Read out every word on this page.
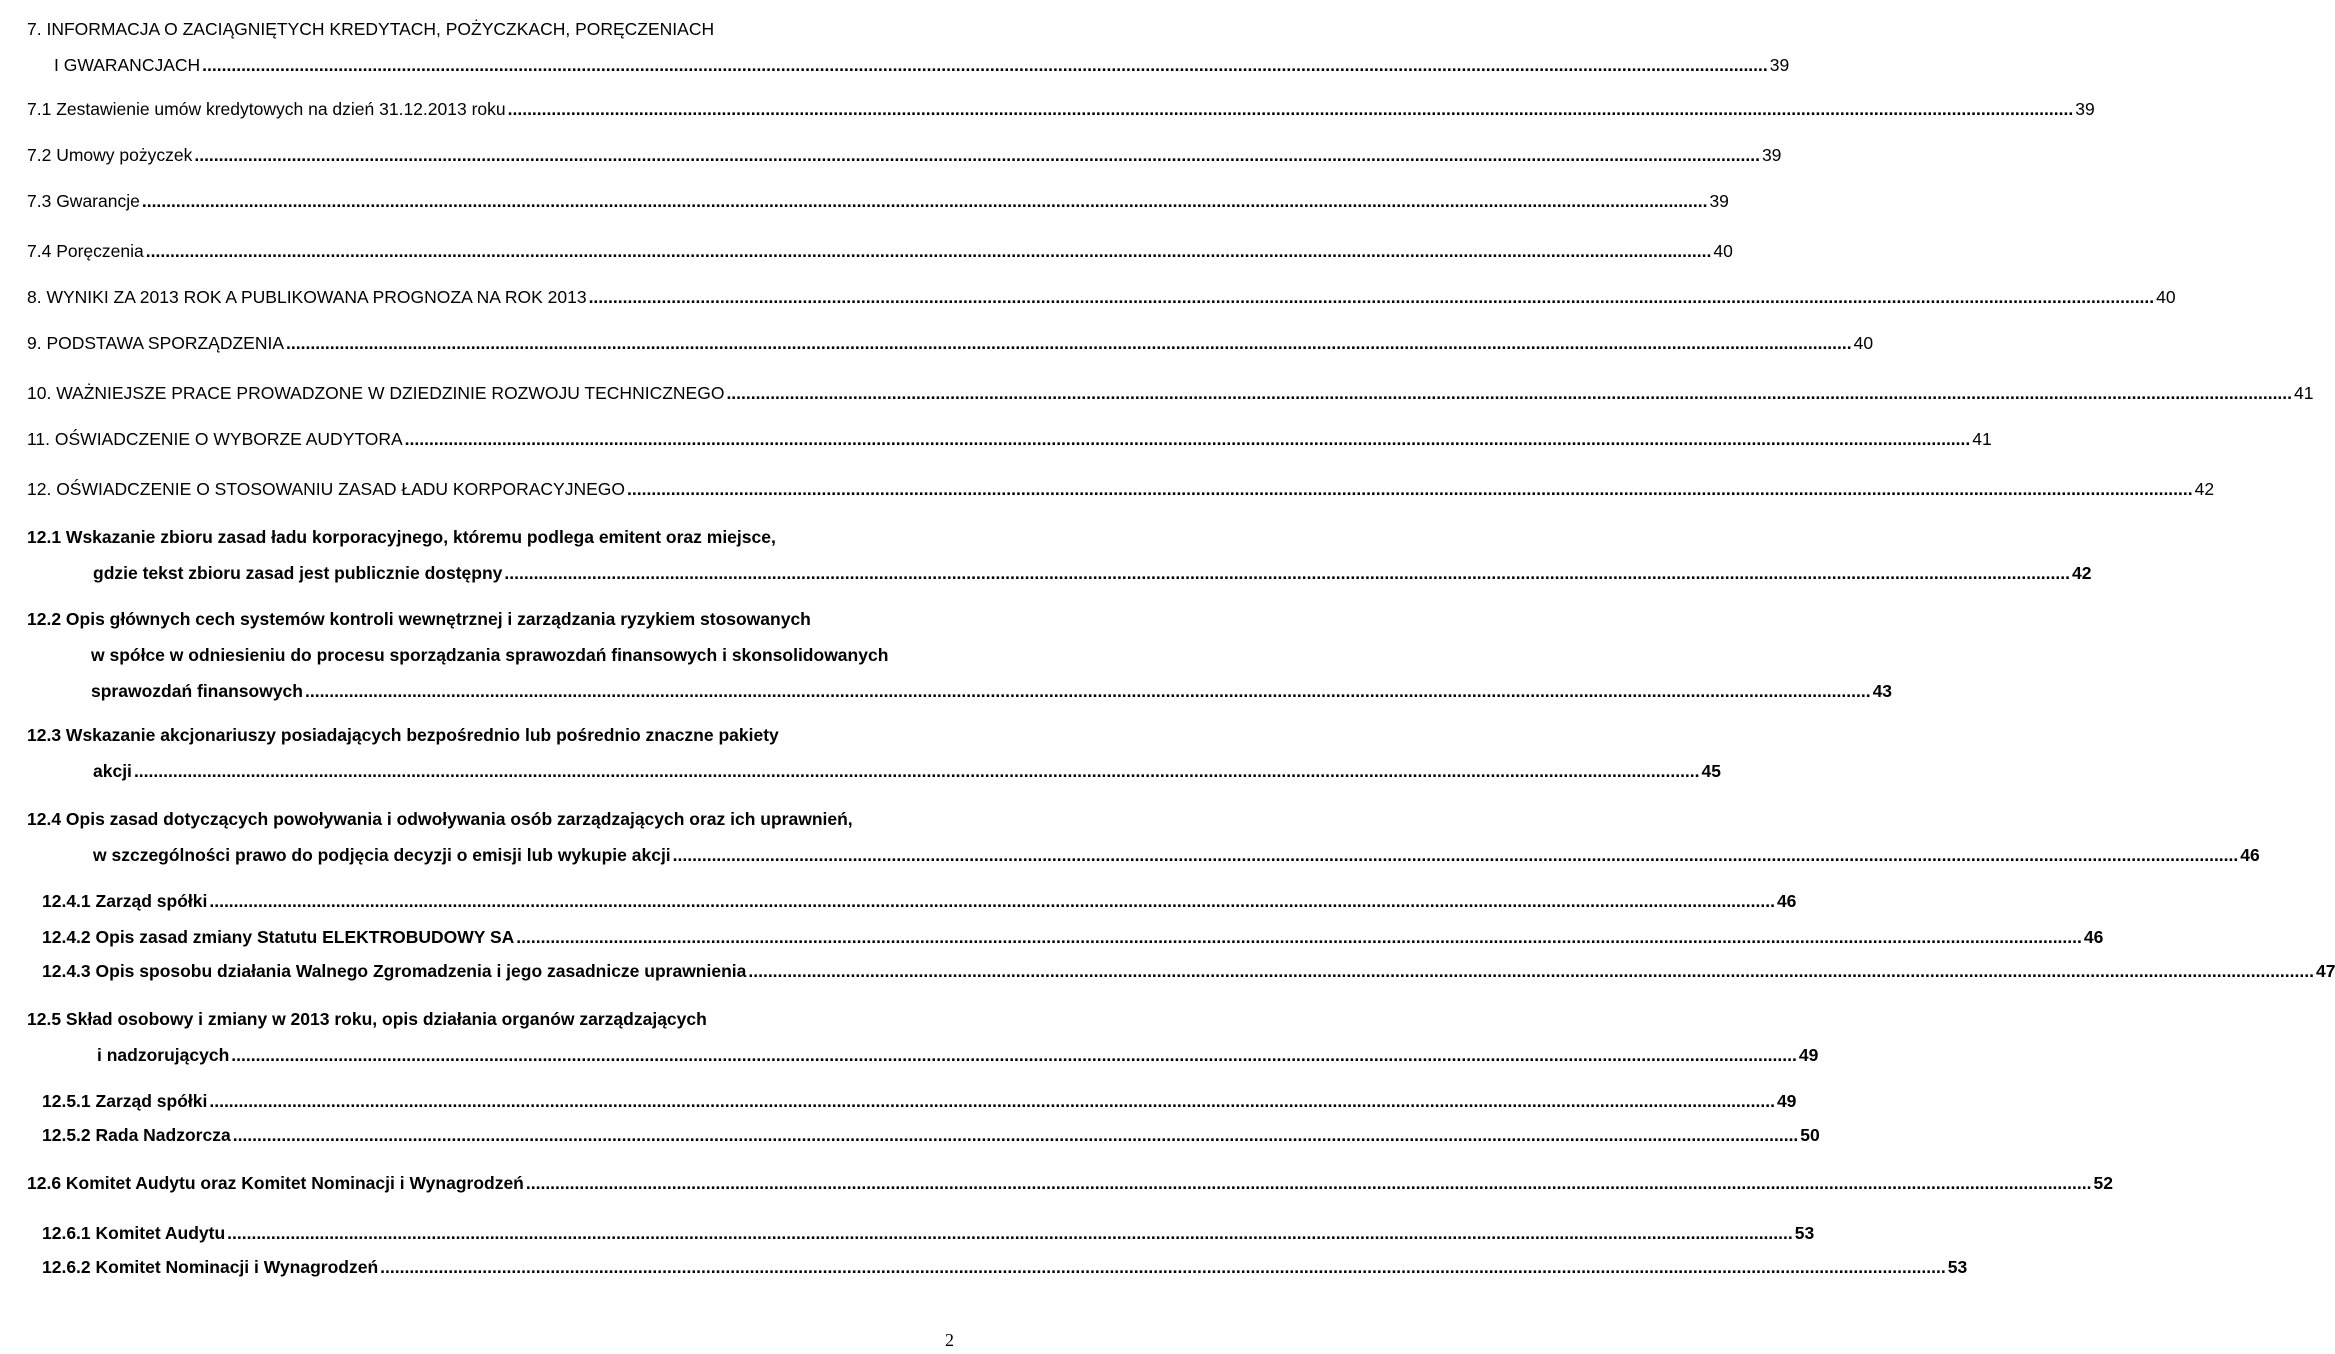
7. INFORMACJA O ZACIĄGNIĘTYCH KREDYTACH, POŻYCZKACH, PORĘCZENIACH
I GWARANCJACH .....	39
7.1 Zestawienie umów kredytowych na dzień 31.12.2013 roku .....	39
7.2 Umowy pożyczek .....	39
7.3 Gwarancje .....	39
7.4 Poręczenia .....	40
8. WYNIKI ZA 2013 ROK A PUBLIKOWANA PROGNOZA NA ROK 2013 .....	40
9. PODSTAWA SPORZĄDZENIA .....	40
10. WAŻNIEJSZE PRACE PROWADZONE W DZIEDZINIE ROZWOJU TECHNICZNEGO .....	41
11. OŚWIADCZENIE O WYBORZE AUDYTORA .....	41
12. OŚWIADCZENIE O STOSOWANIU ZASAD ŁADU KORPORACYJNEGO .....	42
12.1 Wskazanie zbioru zasad ładu korporacyjnego, któremu podlega emitent oraz miejsce,
gdzie tekst zbioru zasad jest publicznie dostępny .....	42
12.2 Opis głównych cech systemów kontroli wewnętrznej i zarządzania ryzykiem stosowanych
w spółce w odniesieniu do procesu sporządzania sprawozdań finansowych i skonsolidowanych
sprawozdań finansowych .....	43
12.3 Wskazanie akcjonariuszy posiadających bezpośrednio lub pośrednio znaczne pakiety
akcji .....	45
12.4 Opis zasad dotyczących powoływania i odwoływania osób zarządzających oraz ich uprawnień,
w szczególności prawo do podjęcia decyzji o emisji lub wykupie akcji .....	46
12.4.1 Zarząd spółki .....	46
12.4.2 Opis zasad zmiany Statutu ELEKTROBUDOWY SA .....	46
12.4.3 Opis sposobu działania Walnego Zgromadzenia i jego zasadnicze uprawnienia .....	47
12.5 Skład osobowy i zmiany w 2013 roku, opis działania organów zarządzających
i nadzorujących .....	49
12.5.1 Zarząd spółki .....	49
12.5.2 Rada Nadzorcza .....	50
12.6 Komitet Audytu oraz Komitet Nominacji i Wynagrodzeń .....	52
12.6.1 Komitet Audytu .....	53
12.6.2 Komitet Nominacji i Wynagrodzeń .....	53
2
